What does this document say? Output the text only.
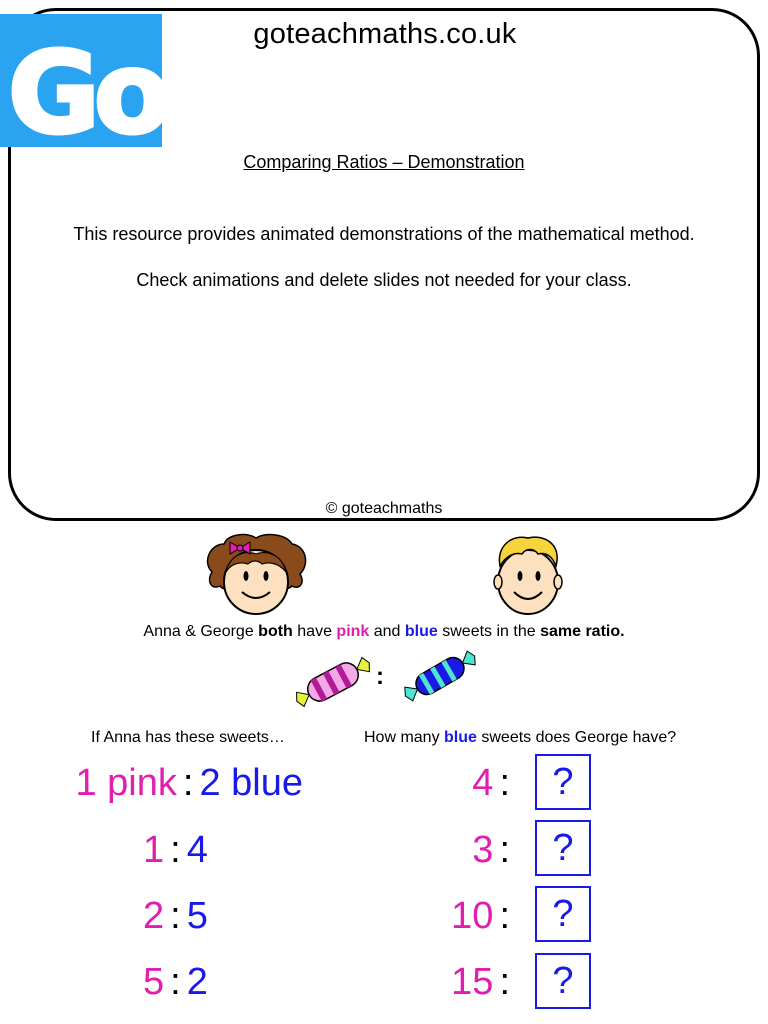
Go!	goteachmaths.co.uk
Comparing Ratios – Demonstration
This resource provides animated demonstrations of the mathematical method.
Check animations and delete slides not needed for your class.
© goteachmaths
Anna & George both have pink and blue sweets in the same ratio.
:
If Anna has these sweets…	How many blue sweets does George have?
1 pink : 2 blue
1 : 4
2 : 5
5 : 2
4 :	?
3 :	?
10 :	?
15 :	?
